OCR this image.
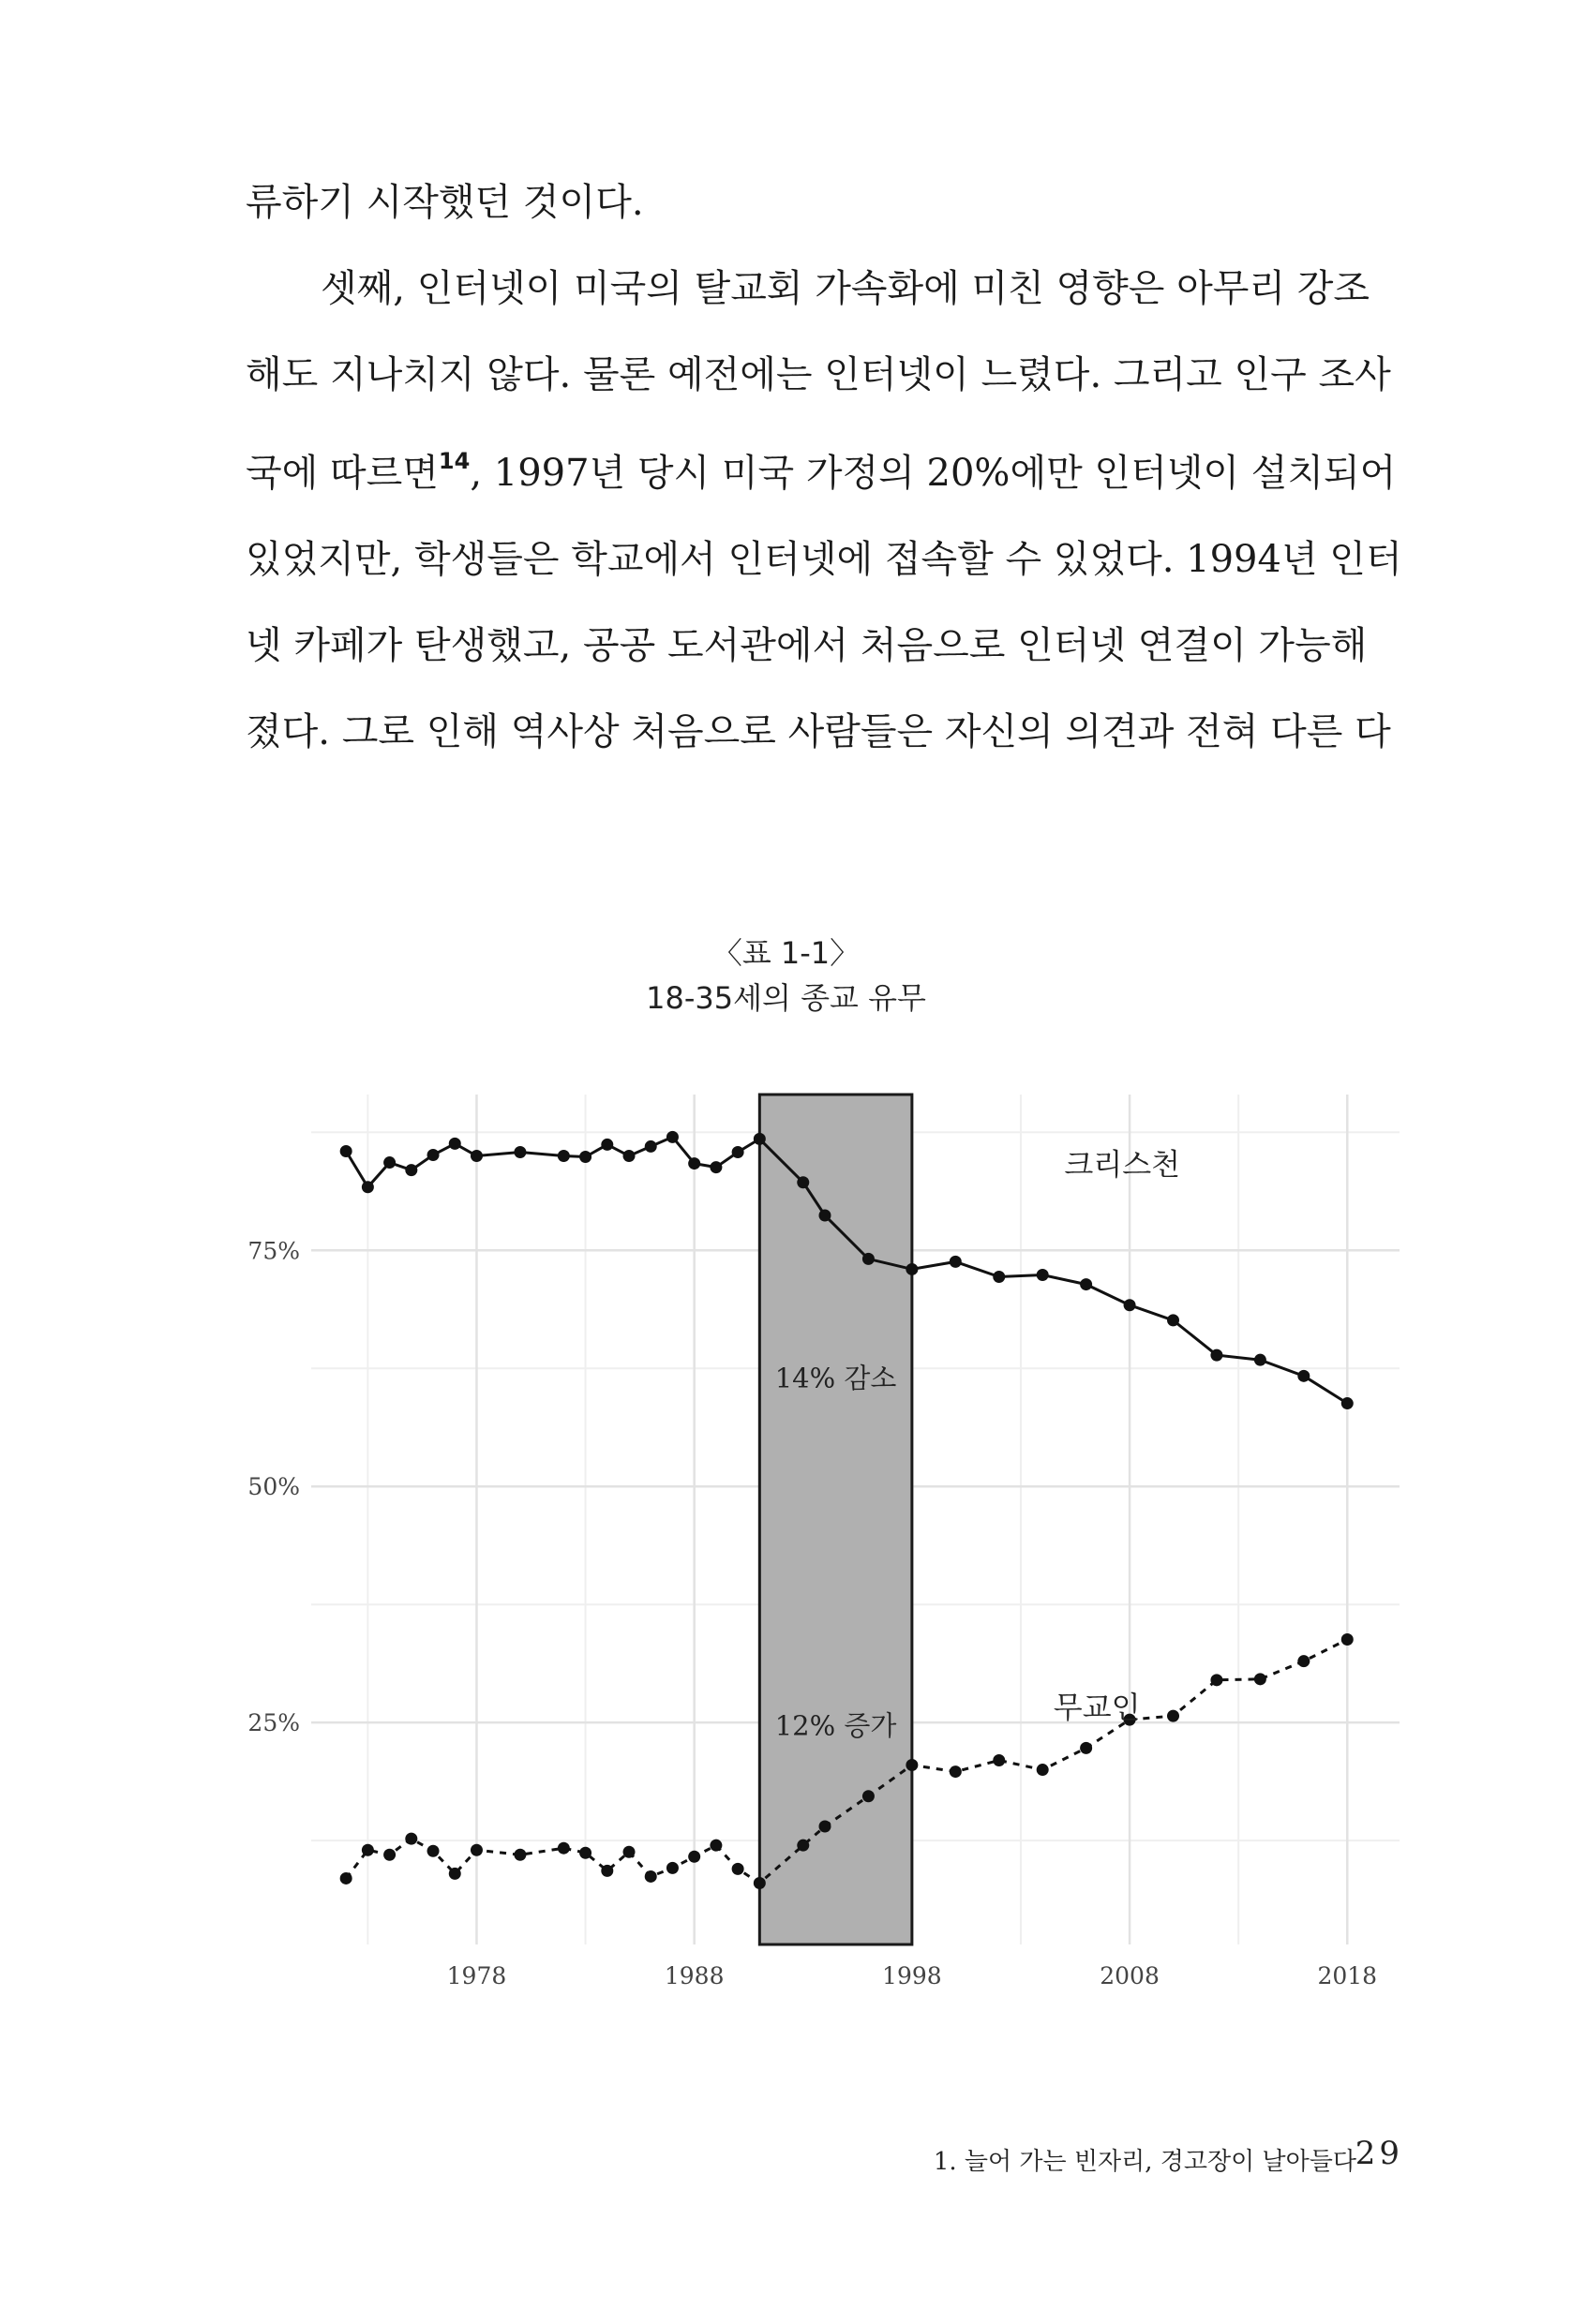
류하기 시작했던 것이다.
셋째, 인터넷이 미국의 탈교회 가속화에 미친 영향은 아무리 강조
해도 지나치지 않다. 물론 예전에는 인터넷이 느렸다. 그리고 인구 조사
국에 따르면$^{14}$, 1997년 당시 미국 가정의 20%에만 인터넷이 설치되어
있었지만, 학생들은 학교에서 인터넷에 접속할 수 있었다. 1994년 인터
넷 카페가 탄생했고, 공공 도서관에서 처음으로 인터넷 연결이 가능해
졌다. 그로 인해 역사상 처음으로 사람들은 자신의 의견과 전혀 다른 다
〈표 1-1〉
18-35세의 종교 유무
1978	1988	1998	2008	2018
25%
50%
75%
크리스천
무교인
14% 감소
12% 증가
1. 늘어 가는 빈자리, 경고장이 날아들다
29
